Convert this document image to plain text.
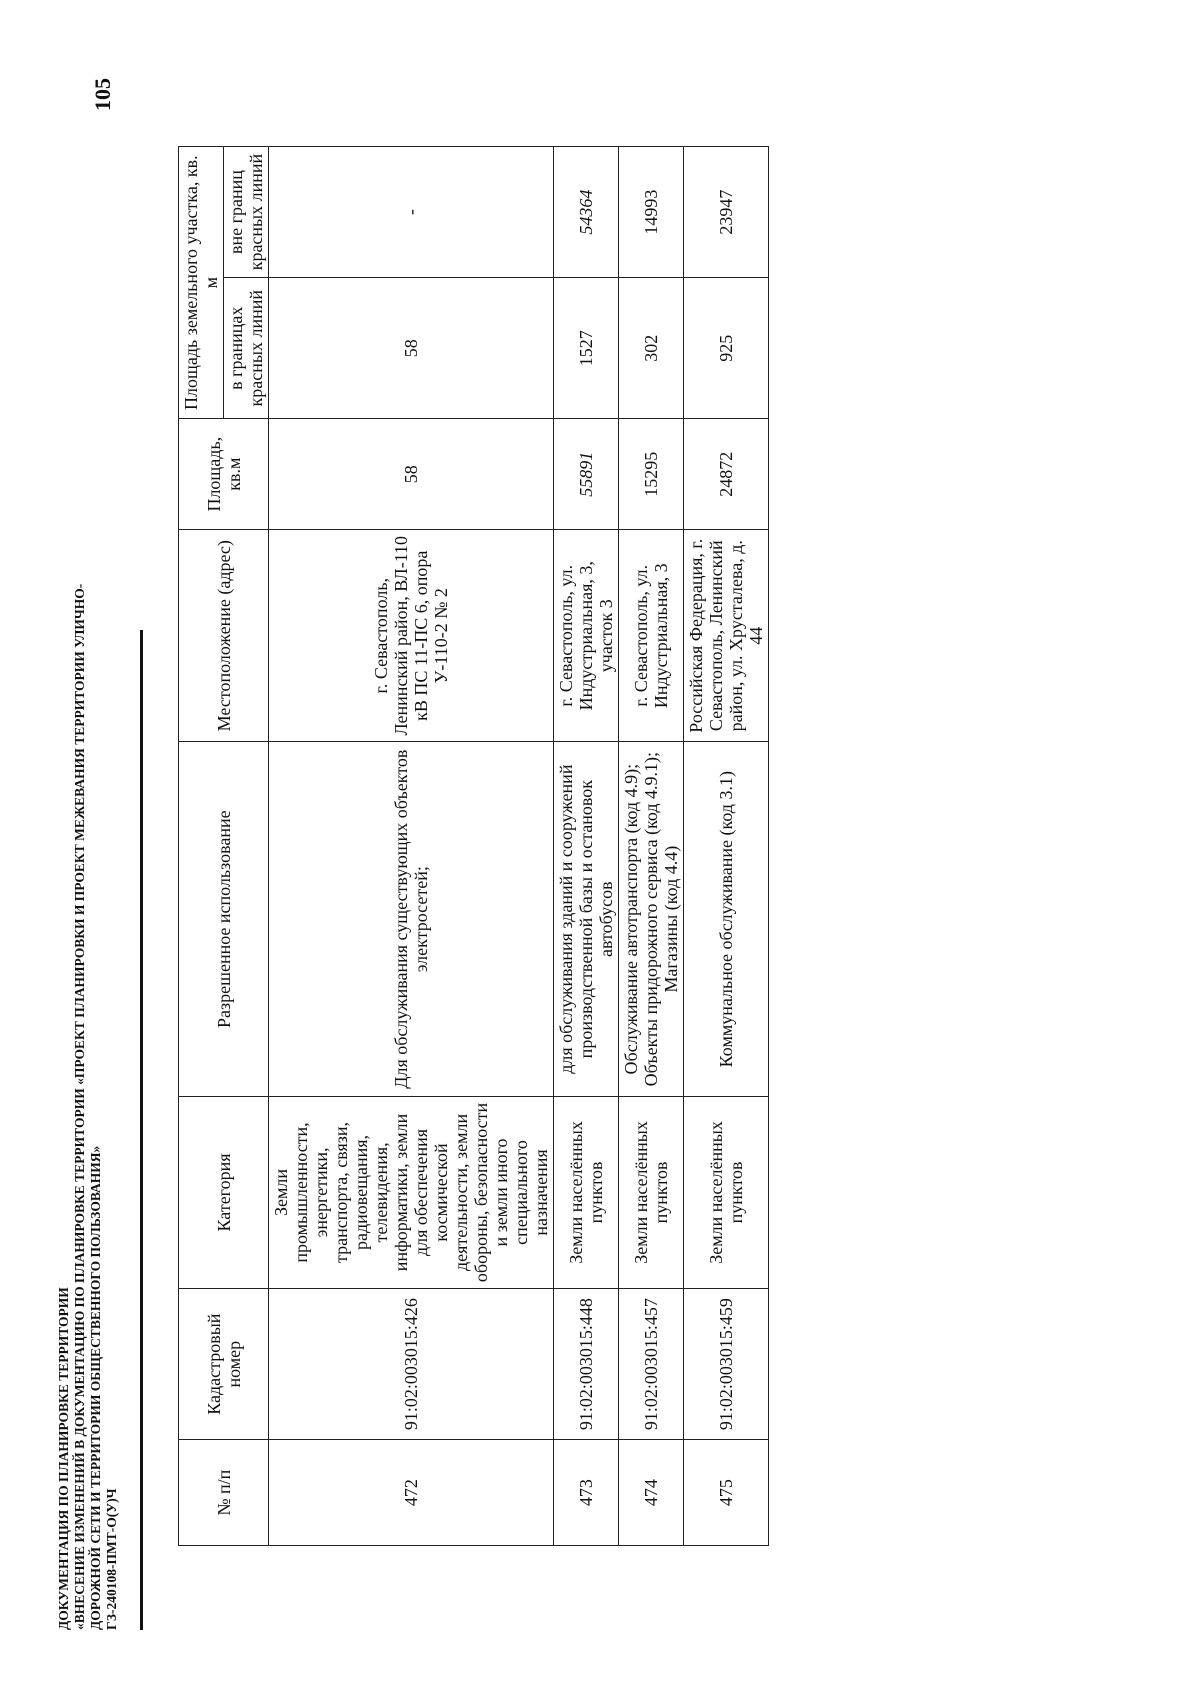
105
ДОКУМЕНТАЦИЯ ПО ПЛАНИРОВКЕ ТЕРРИТОРИИ «ВНЕСЕНИЕ ИЗМЕНЕНИЙ В ДОКУМЕНТАЦИЮ ПО ПЛАНИРОВКЕ ТЕРРИТОРИИ «ПРОЕКТ ПЛАНИРОВКИ И ПРОЕКТ МЕЖЕВАНИЯ ТЕРРИТОРИИ УЛИЧНО- ДОРОЖНОЙ СЕТИ И ТЕРРИТОРИИ ОБЩЕСТВЕННОГО ПОЛЬЗОВАНИЯ» ГЗ-240108-ПМТ-О(У)Ч	№ п/п	Кадастровый номер	Категория	Разрешенное использование	Местоположение (адрес)	Площадь, кв.м	Площадь земельного участка, кв. м	
						в границах красных линий	вне границ красных линий
472	91:02:003015:426	Земли промышленности, энергетики, транспорта, связи, радиовещания, телевидения, информатики, земли для обеспечения космической деятельности, земли обороны, безопасности и земли иного специального назначения	Для обслуживания существующих объектов электросетей;	г. Севастополь, Ленинский район, ВЛ-110 кВ ПС 11-ПС 6, опора У-110-2 № 2	58	58	-
473	91:02:003015:448	Земли населённых пунктов	для обслуживания зданий и сооружений производственной базы и остановок автобусов	г. Севастополь, ул. Индустриальная, 3, участок 3	55891	1527	54364
474	91:02:003015:457	Земли населённых пунктов	Обслуживание автотранспорта (код 4.9); Объекты придорожного сервиса (код 4.9.1); Магазины (код 4.4)	г. Севастополь, ул. Индустриальная, 3	15295	302	14993
475	91:02:003015:459	Земли населённых пунктов	Коммунальное обслуживание (код 3.1)	Российская Федерация, г. Севастополь, Ленинский район, ул. Хрусталева, д. 44	24872	925	23947
